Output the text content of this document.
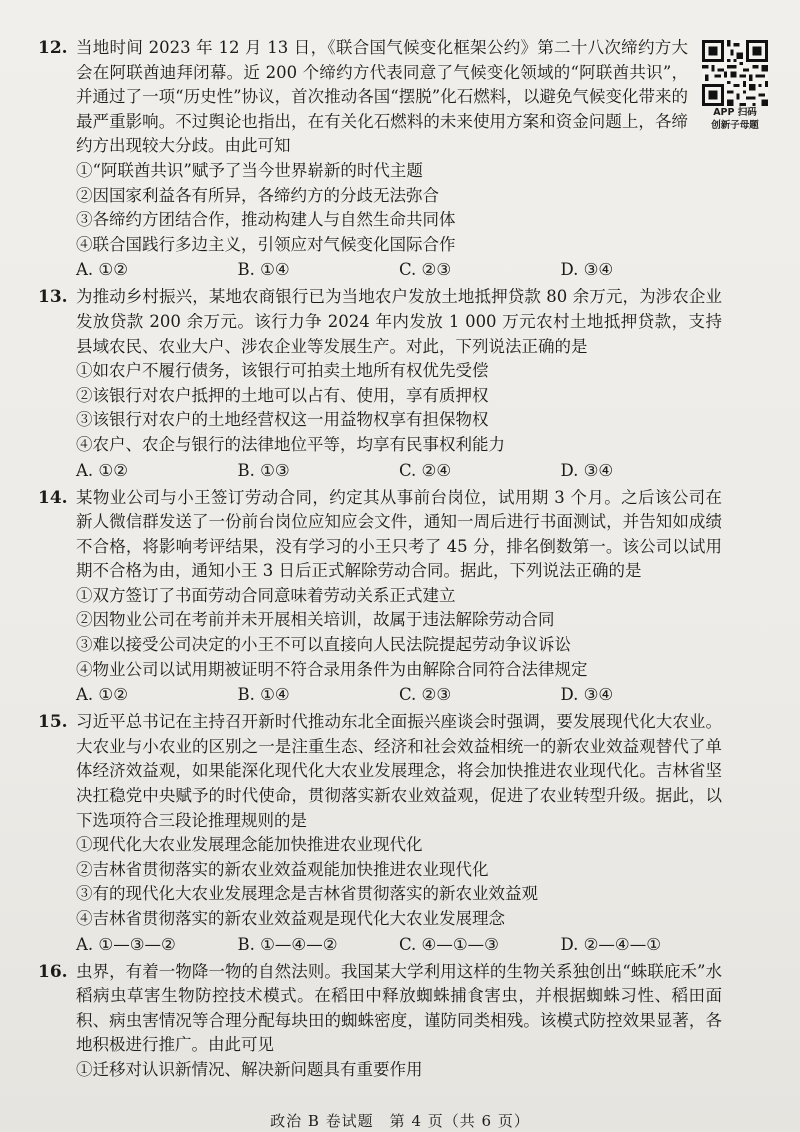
APP 扫码
创新子母题
12. 当地时间 2023 年 12 月 13 日，《联合国气候变化框架公约》第二十八次缔约方大会在阿联酋迪拜闭幕。近 200 个缔约方代表同意了气候变化领域的“阿联酋共识”，并通过了一项“历史性”协议，首次推动各国“摆脱”化石燃料，以避免气候变化带来的最严重影响。不过舆论也指出，在有关化石燃料的未来使用方案和资金问题上，各缔约方出现较大分歧。由此可知

①“阿联酋共识”赋予了当今世界崭新的时代主题

②因国家利益各有所异，各缔约方的分歧无法弥合

③各缔约方团结合作，推动构建人与自然生命共同体

④联合国践行多边主义，引领应对气候变化国际合作

A. ①②	B. ①④	C. ②③	D. ③④
13. 为推动乡村振兴，某地农商银行已为当地农户发放土地抵押贷款 80 余万元，为涉农企业发放贷款 200 余万元。该行力争 2024 年内发放 1 000 万元农村土地抵押贷款，支持县域农民、农业大户、涉农企业等发展生产。对此，下列说法正确的是

①如农户不履行债务，该银行可拍卖土地所有权优先受偿

②该银行对农户抵押的土地可以占有、使用，享有质押权

③该银行对农户的土地经营权这一用益物权享有担保物权

④农户、农企与银行的法律地位平等，均享有民事权利能力

A. ①②	B. ①③	C. ②④	D. ③④
14. 某物业公司与小王签订劳动合同，约定其从事前台岗位，试用期 3 个月。之后该公司在新人微信群发送了一份前台岗位应知应会文件，通知一周后进行书面测试，并告知如成绩不合格，将影响考评结果，没有学习的小王只考了 45 分，排名倒数第一。该公司以试用期不合格为由，通知小王 3 日后正式解除劳动合同。据此，下列说法正确的是

①双方签订了书面劳动合同意味着劳动关系正式建立

②因物业公司在考前并未开展相关培训，故属于违法解除劳动合同

③难以接受公司决定的小王不可以直接向人民法院提起劳动争议诉讼

④物业公司以试用期被证明不符合录用条件为由解除合同符合法律规定

A. ①②	B. ①④	C. ②③	D. ③④
15. 习近平总书记在主持召开新时代推动东北全面振兴座谈会时强调，要发展现代化大农业。大农业与小农业的区别之一是注重生态、经济和社会效益相统一的新农业效益观替代了单体经济效益观，如果能深化现代化大农业发展理念，将会加快推进农业现代化。吉林省坚决扛稳党中央赋予的时代使命，贯彻落实新农业效益观，促进了农业转型升级。据此，以下选项符合三段论推理规则的是

①现代化大农业发展理念能加快推进农业现代化

②吉林省贯彻落实的新农业效益观能加快推进农业现代化

③有的现代化大农业发展理念是吉林省贯彻落实的新农业效益观

④吉林省贯彻落实的新农业效益观是现代化大农业发展理念

A. ①—③—②	B. ①—④—②	C. ④—①—③	D. ②—④—①
16. 虫界，有着一物降一物的自然法则。我国某大学利用这样的生物关系独创出“蛛联庇禾”水稻病虫草害生物防控技术模式。在稻田中释放蜘蛛捕食害虫，并根据蜘蛛习性、稻田面积、病虫害情况等合理分配每块田的蜘蛛密度，谨防同类相残。该模式防控效果显著，各地积极进行推广。由此可见

①迁移对认识新情况、解决新问题具有重要作用

政治 B 卷试题　第 4 页（共 6 页）
